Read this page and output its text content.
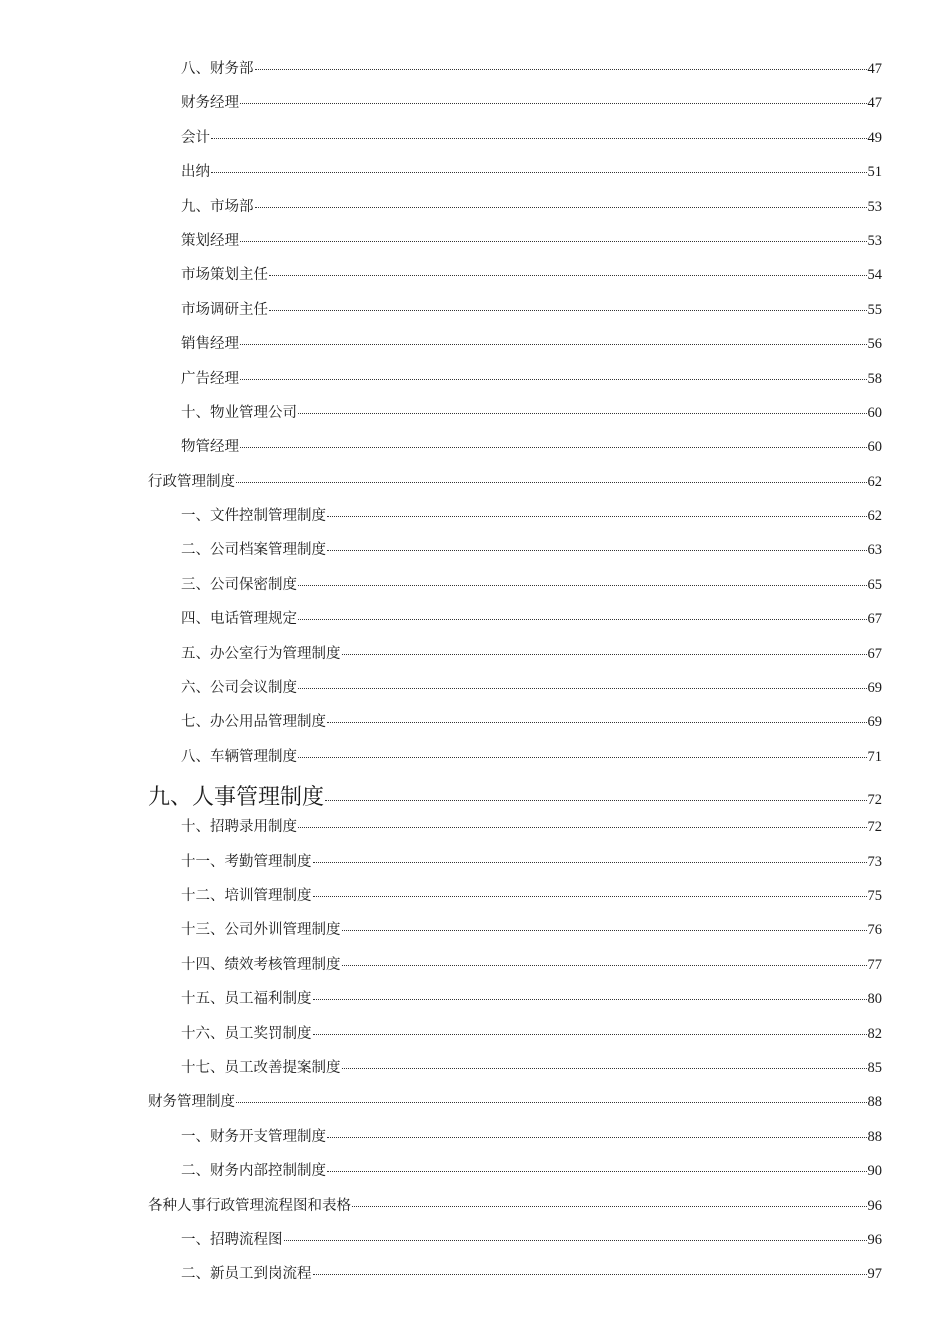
八、财务部	47
财务经理	47
会计	49
出纳	51
九、市场部	53
策划经理	53
市场策划主任	54
市场调研主任	55
销售经理	56
广告经理	58
十、物业管理公司	60
物管经理	60
行政管理制度	62
一、文件控制管理制度	62
二、公司档案管理制度	63
三、公司保密制度	65
四、电话管理规定	67
五、办公室行为管理制度	67
六、公司会议制度	69
七、办公用品管理制度	69
八、车辆管理制度	71
九、人事管理制度	72
十、招聘录用制度	72
十一、考勤管理制度	73
十二、培训管理制度	75
十三、公司外训管理制度	76
十四、绩效考核管理制度	77
十五、员工福利制度	80
十六、员工奖罚制度	82
十七、员工改善提案制度	85
财务管理制度	88
一、财务开支管理制度	88
二、财务内部控制制度	90
各种人事行政管理流程图和表格	96
一、招聘流程图	96
二、新员工到岗流程	97
